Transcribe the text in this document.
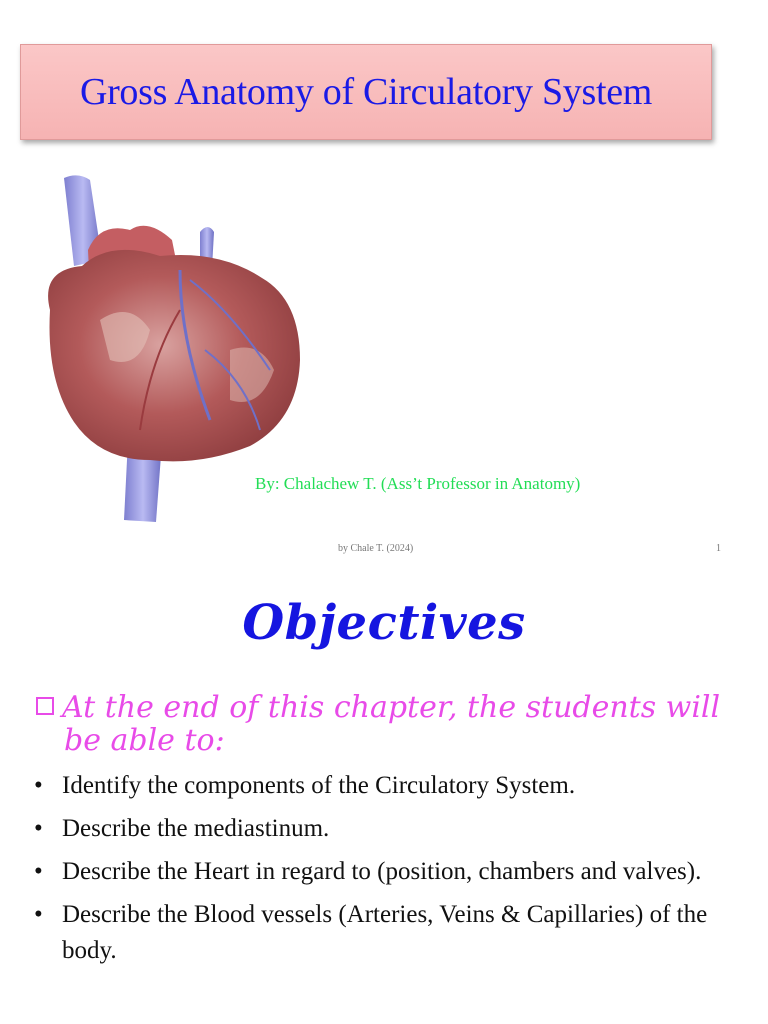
Gross Anatomy of Circulatory System
By: Chalachew T. (Ass’t Professor in Anatomy)
by Chale T. (2024)	1
Objectives
At the end of this chapter, the students will
be able to:
• Identify the components of the Circulatory System.
• Describe the mediastinum.
• Describe the Heart in regard to (position, chambers and valves).
• Describe the Blood vessels (Arteries, Veins & Capillaries) of the body.
